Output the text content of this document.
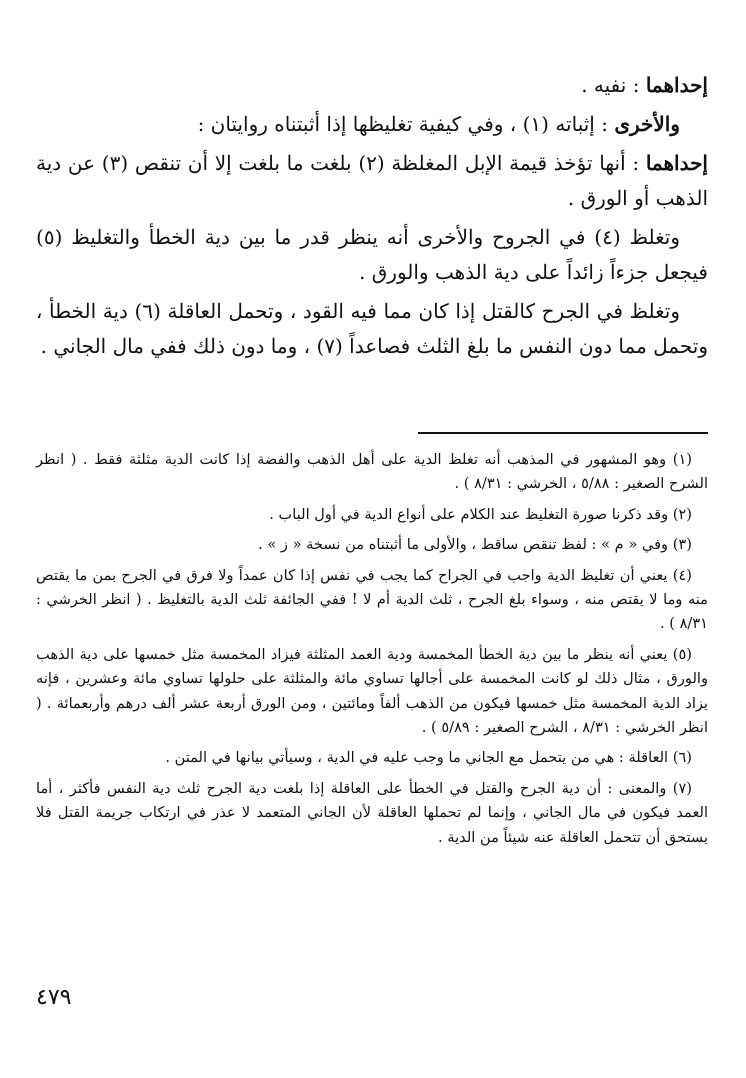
إحداهما : نفيه .

والأخرى : إثباته (١) ، وفي كيفية تغليظها إذا أثبتناه روايتان :

إحداهما : أنها تؤخذ قيمة الإبل المغلظة (٢) بلغت ما بلغت إلا أن تنقص (٣) عن دية الذهب أو الورق .

وتغلظ (٤) في الجروح والأخرى أنه ينظر قدر ما بين دية الخطأ والتغليظ (٥) فيجعل جزءاً زائداً على دية الذهب والورق .

وتغلظ في الجرح كالقتل إذا كان مما فيه القود ، وتحمل العاقلة (٦) دية الخطأ ، وتحمل مما دون النفس ما بلغ الثلث فصاعداً (٧) ، وما دون ذلك ففي مال الجاني .

(١) وهو المشهور في المذهب أنه تغلظ الدية على أهل الذهب والفضة إذا كانت الدية مثلثة فقط . ( انظر الشرح الصغير : ٥/٨٨ ، الخرشي : ٨/٣١ ) .

(٢) وقد ذكرنا صورة التغليظ عند الكلام على أنواع الدية في أول الباب .

(٣) وفي « م » : لفظ تنقص ساقط ، والأولى ما أثبتناه من نسخة « ز » .

(٤) يعني أن تغليظ الدية واجب في الجراح كما يجب في نفس إذا كان عمداً ولا فرق في الجرح بمن ما يقتص منه وما لا يقتص منه ، وسواء بلغ الجرح ، ثلث الدية أم لا ! ففي الجائفة ثلث الدية بالتغليظ . ( انظر الخرشي : ٨/٣١ ) .

(٥) يعني أنه ينظر ما بين دية الخطأ المخمسة ودية العمد المثلثة فيزاد المخمسة مثل خمسها على دية الذهب والورق ، مثال ذلك لو كانت المخمسة على أجالها تساوي مائة والمثلثة على حلولها تساوي مائة وعشرين ، فإنه يزاد الدية المخمسة مثل خمسها فيكون من الذهب ألفاً ومائتين ، ومن الورق أربعة عشر ألف درهم وأربعمائة . ( انظر الخرشي : ٨/٣١ ، الشرح الصغير : ٥/٨٩ ) .

(٦) العاقلة : هي من يتحمل مع الجاني ما وجب عليه في الدية ، وسيأتي بيانها في المتن .

(٧) والمعنى : أن دية الجرح والقتل في الخطأ على العاقلة إذا بلغت دية الجرح ثلث دية النفس فأكثر ، أما العمد فيكون في مال الجاني ، وإنما لم تحملها العاقلة لأن الجاني المتعمد لا عذر في ارتكاب جريمة القتل فلا يستحق أن تتحمل العاقلة عنه شيئاً من الدية .

٤٧٩
